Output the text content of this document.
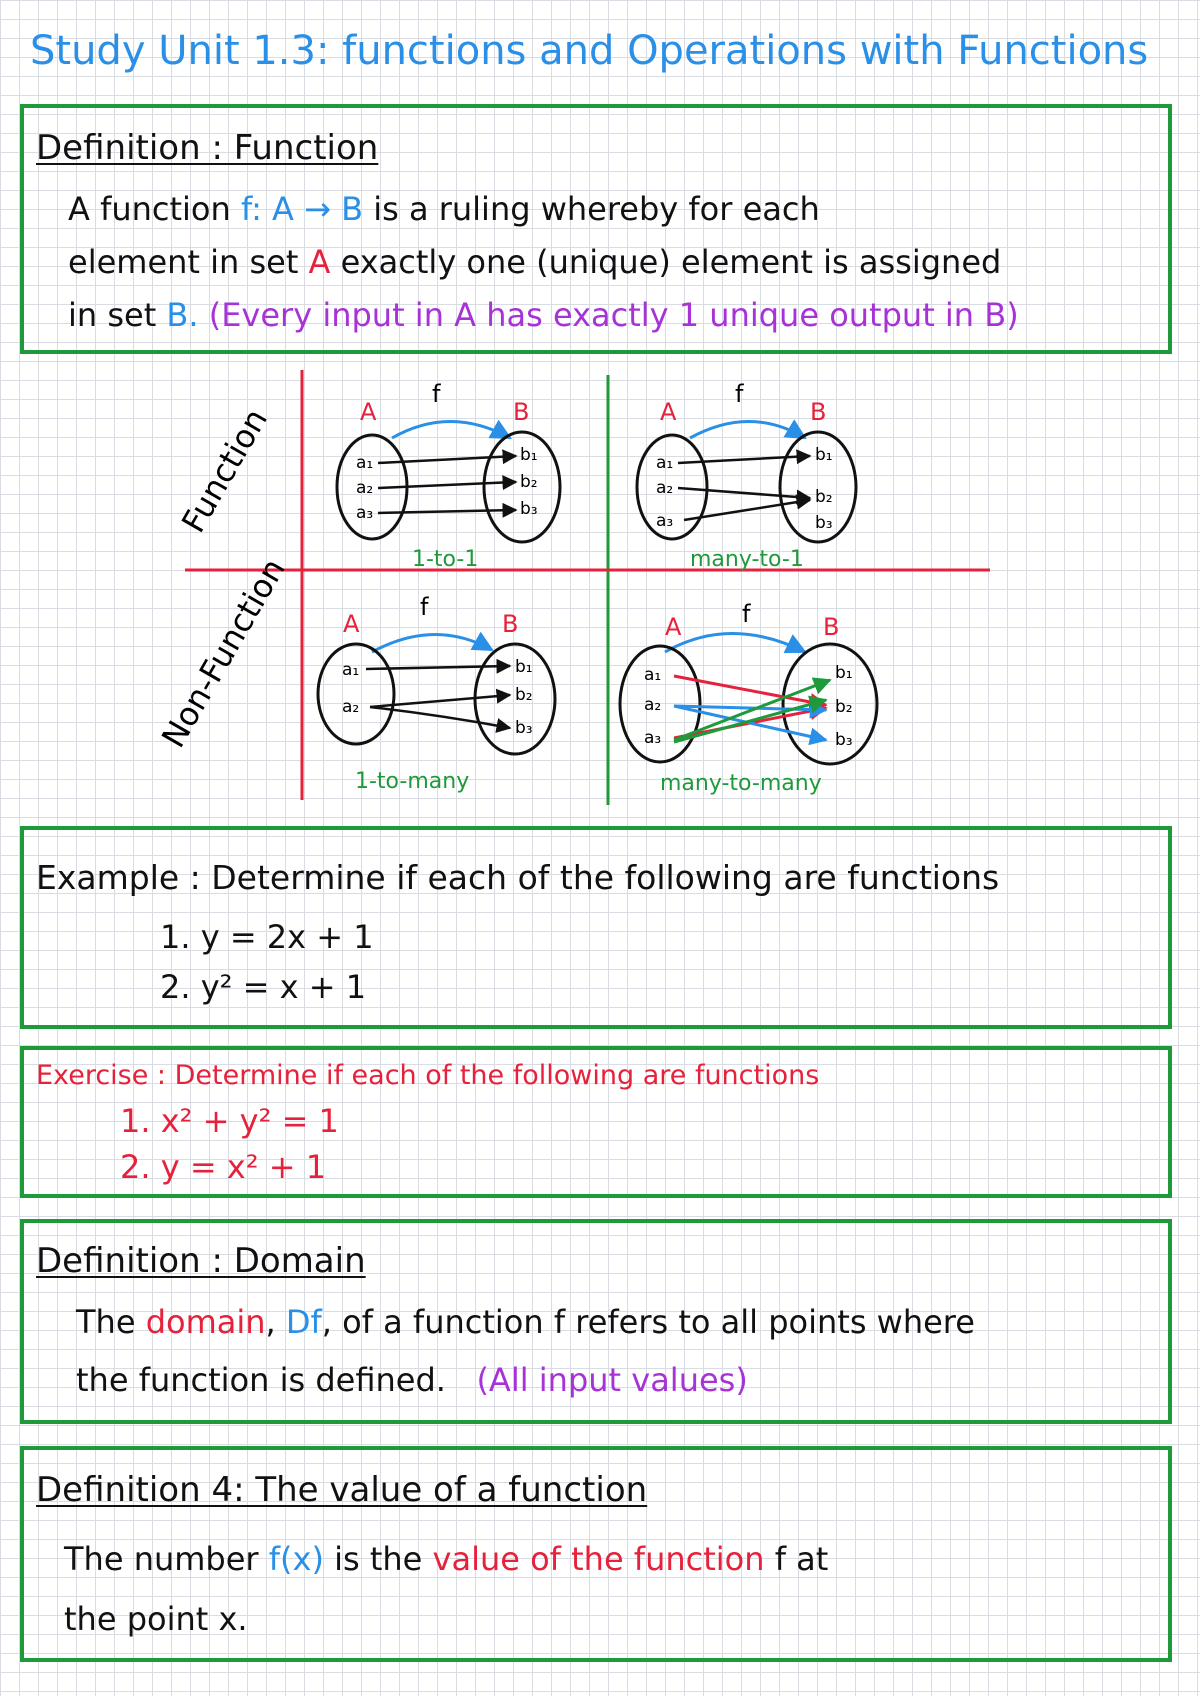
Study Unit 1.3: functions and Operations with Functions
Definition : Function
A function f: A → B is a ruling whereby for each
element in set A exactly one (unique) element is assigned
in set B. (Every input in A has exactly 1 unique output in B)
Function
Non-Function
f
A	B
a₁
a₂
a₃
b₁
b₂
b₃
1-to-1
f
A	B
a₁
a₂
a₃
b₁
b₂
b₃
many-to-1
f
A	B
a₁
a₂
b₁
b₂
b₃
1-to-many
f
A	B
a₁
a₂
a₃
b₁
b₂
b₃
many-to-many
Example : Determine if each of the following are functions
1. y = 2x + 1
2. y² = x + 1
Exercise : Determine if each of the following are functions
1. x² + y² = 1
2. y = x² + 1
Definition : Domain
The domain, Df, of a function f refers to all points where
the function is defined. (All input values)
Definition 4: The value of a function
The number f(x) is the value of the function f at
the point x.
